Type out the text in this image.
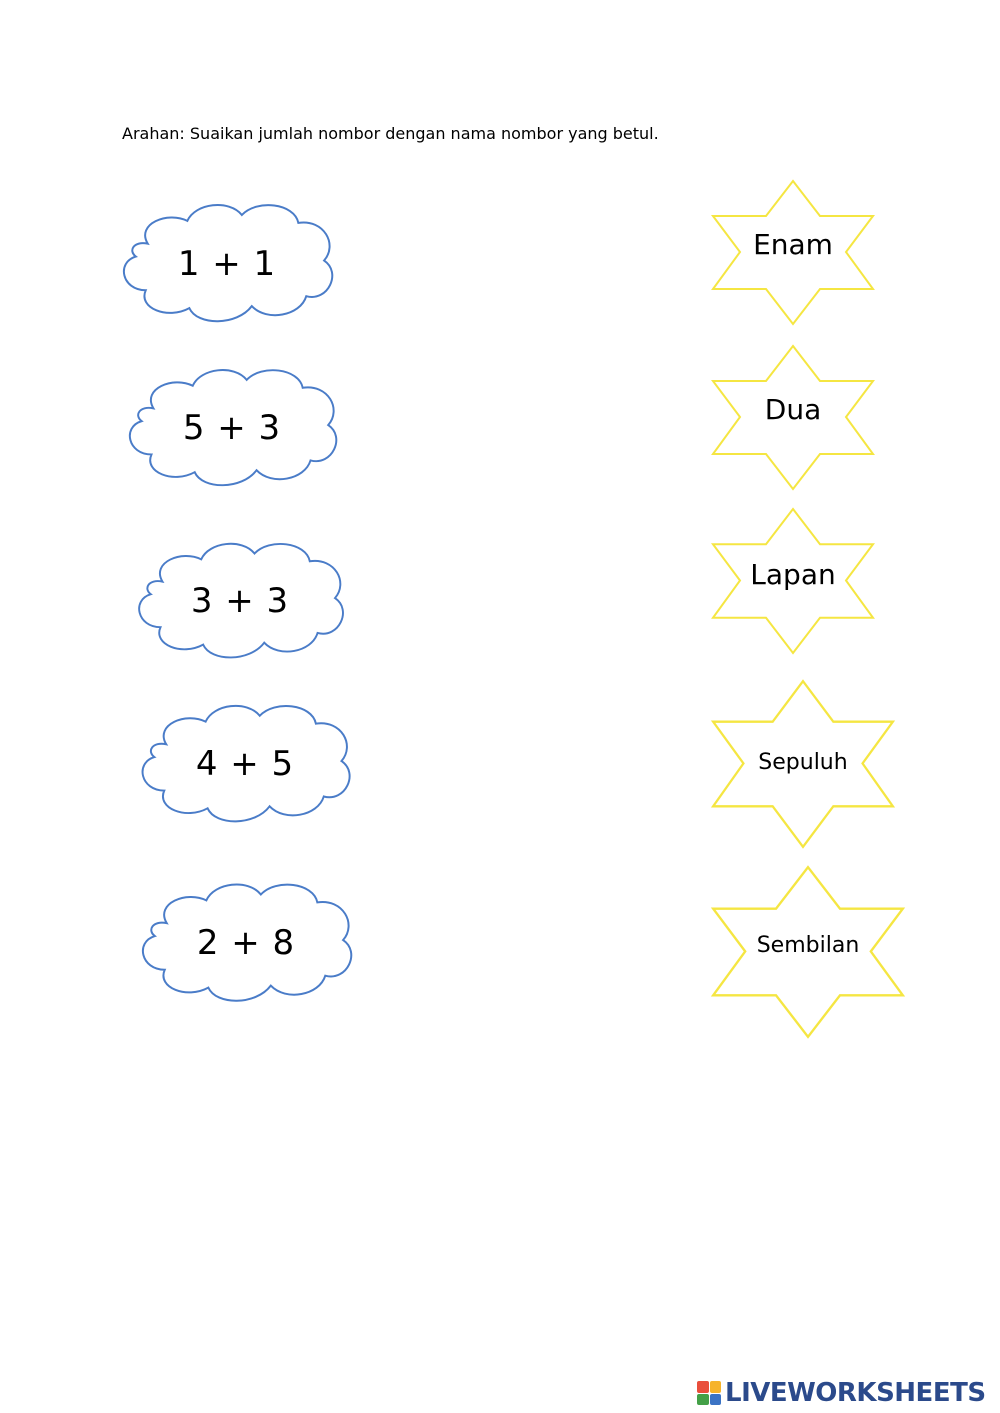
Arahan: Suaikan jumlah nombor dengan nama nombor yang betul.
1 + 1
5 + 3
3 + 3
4 + 5
2 + 8
Enam
Dua
Lapan
Sepuluh
Sembilan
LIVEWORKSHEETS
